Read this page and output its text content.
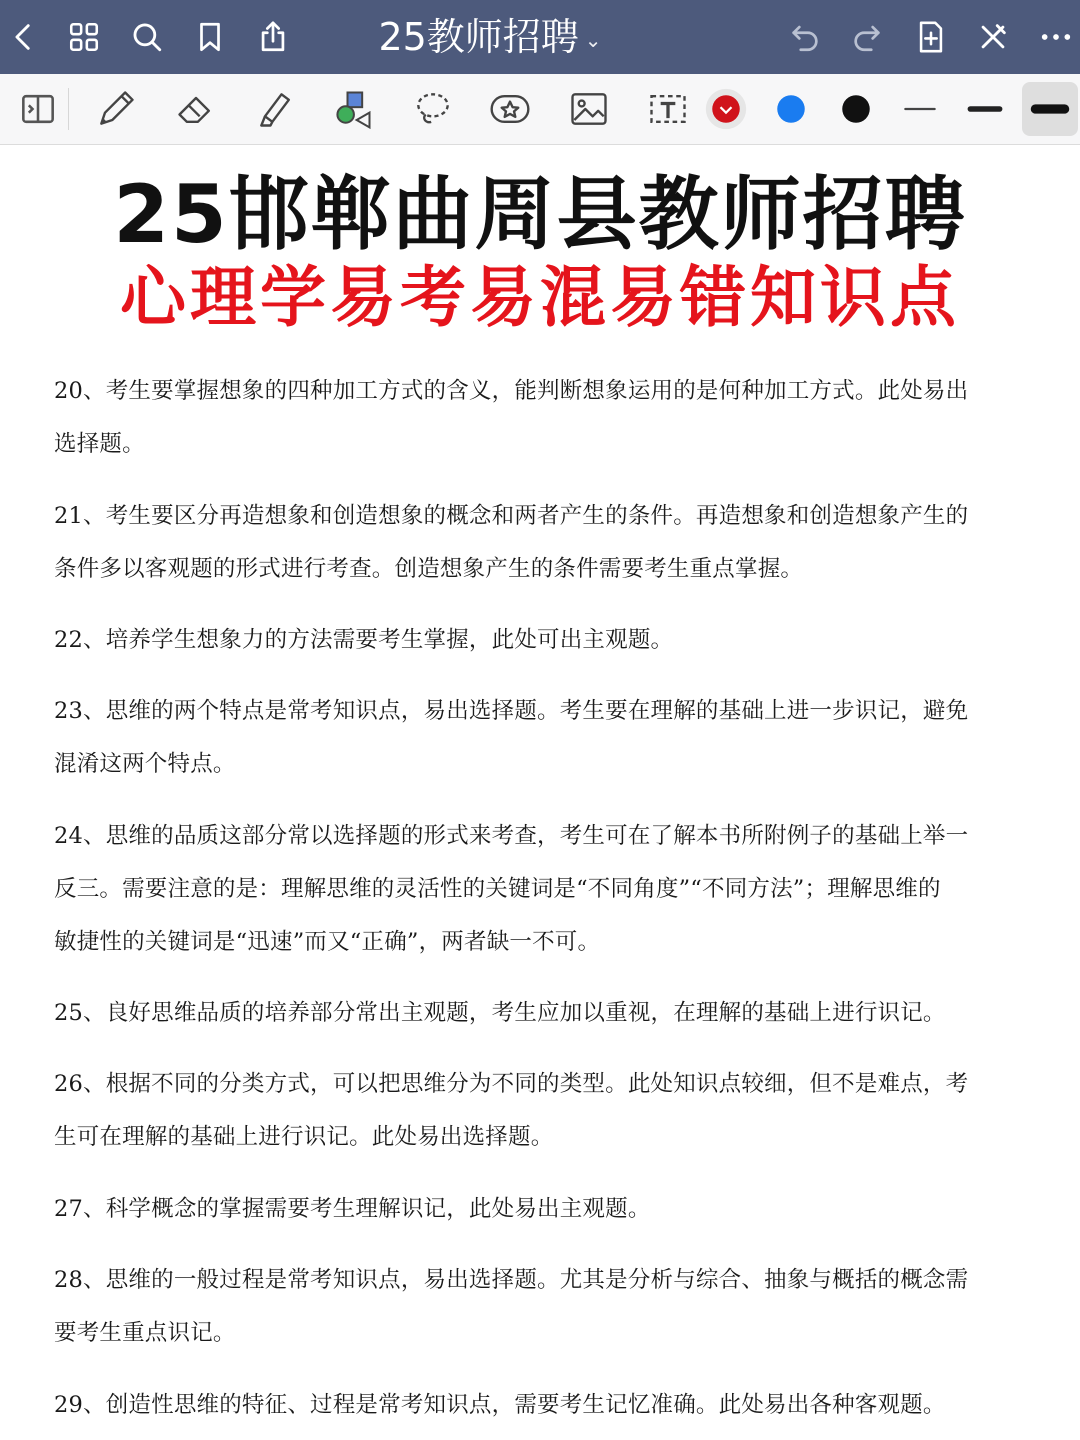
25教师招聘 ⌄
25邯郸曲周县教师招聘
心理学易考易混易错知识点
20、考生要掌握想象的四种加工方式的含义，能判断想象运用的是何种加工方式。此处易出
选择题。
21、考生要区分再造想象和创造想象的概念和两者产生的条件。再造想象和创造想象产生的
条件多以客观题的形式进行考查。创造想象产生的条件需要考生重点掌握。
22、培养学生想象力的方法需要考生掌握，此处可出主观题。
23、思维的两个特点是常考知识点，易出选择题。考生要在理解的基础上进一步识记，避免
混淆这两个特点。
24、思维的品质这部分常以选择题的形式来考查，考生可在了解本书所附例子的基础上举一
反三。需要注意的是：理解思维的灵活性的关键词是“不同角度”“不同方法”；理解思维的
敏捷性的关键词是“迅速”而又“正确”，两者缺一不可。
25、良好思维品质的培养部分常出主观题，考生应加以重视，在理解的基础上进行识记。
26、根据不同的分类方式，可以把思维分为不同的类型。此处知识点较细，但不是难点，考
生可在理解的基础上进行识记。此处易出选择题。
27、科学概念的掌握需要考生理解识记，此处易出主观题。
28、思维的一般过程是常考知识点，易出选择题。尤其是分析与综合、抽象与概括的概念需
要考生重点识记。
29、创造性思维的特征、过程是常考知识点，需要考生记忆准确。此处易出各种客观题。
